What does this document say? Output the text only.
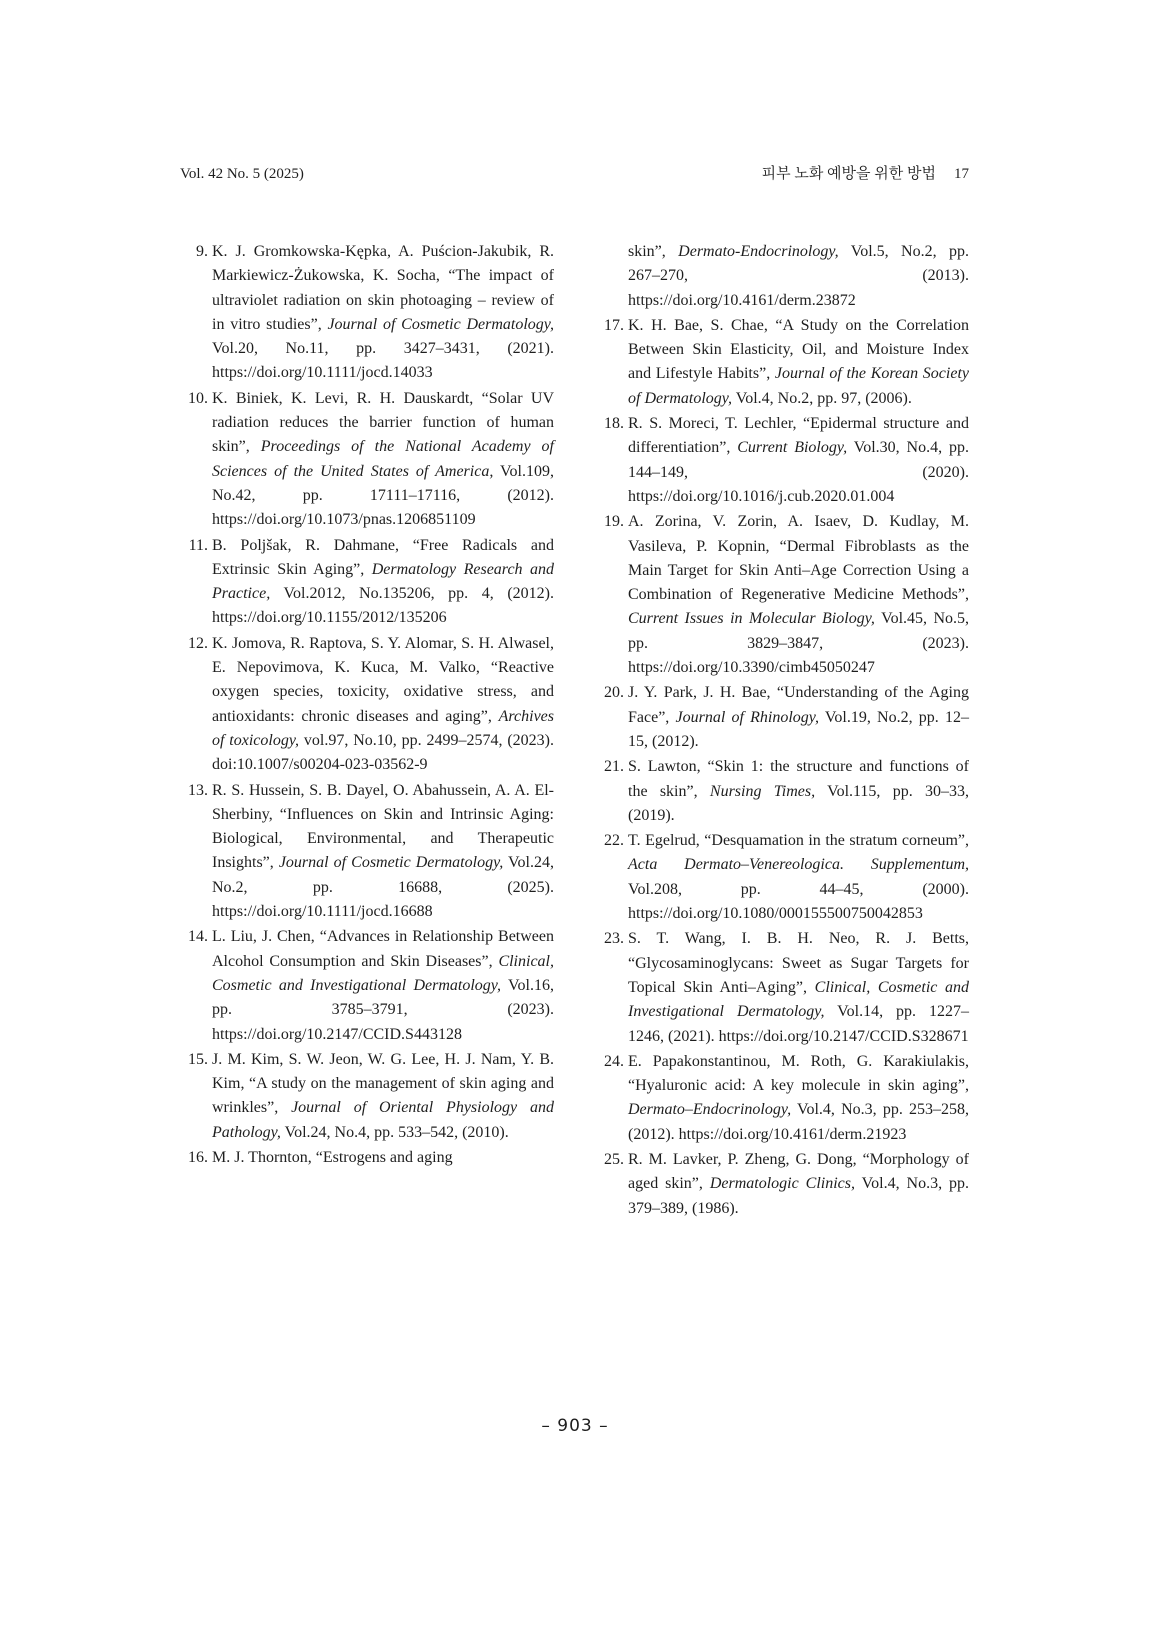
Vol. 42 No. 5 (2025)	피부 노화 예방을 위한 방법 17
9. K. J. Gromkowska-Kępka, A. Puścion-Jakubik, R. Markiewicz-Żukowska, K. Socha, “The impact of ultraviolet radiation on skin photoaging – review of in vitro studies”, Journal of Cosmetic Dermatology, Vol.20, No.11, pp. 3427–3431, (2021). https://doi.org/10.1111/jocd.14033
10. K. Biniek, K. Levi, R. H. Dauskardt, “Solar UV radiation reduces the barrier function of human skin”, Proceedings of the National Academy of Sciences of the United States of America, Vol.109, No.42, pp. 17111–17116, (2012). https://doi.org/10.1073/pnas.1206851109
11. B. Poljšak, R. Dahmane, “Free Radicals and Extrinsic Skin Aging”, Dermatology Research and Practice, Vol.2012, No.135206, pp. 4, (2012). https://doi.org/10.1155/2012/135206
12. K. Jomova, R. Raptova, S. Y. Alomar, S. H. Alwasel, E. Nepovimova, K. Kuca, M. Valko, “Reactive oxygen species, toxicity, oxidative stress, and antioxidants: chronic diseases and aging”, Archives of toxicology, vol.97, No.10, pp. 2499–2574, (2023). doi:10.1007/s00204-023-03562-9
13. R. S. Hussein, S. B. Dayel, O. Abahussein, A. A. El-Sherbiny, “Influences on Skin and Intrinsic Aging: Biological, Environmental, and Therapeutic Insights”, Journal of Cosmetic Dermatology, Vol.24, No.2, pp. 16688, (2025). https://doi.org/10.1111/jocd.16688
14. L. Liu, J. Chen, “Advances in Relationship Between Alcohol Consumption and Skin Diseases”, Clinical, Cosmetic and Investigational Dermatology, Vol.16, pp. 3785–3791, (2023). https://doi.org/10.2147/CCID.S443128
15. J. M. Kim, S. W. Jeon, W. G. Lee, H. J. Nam, Y. B. Kim, “A study on the management of skin aging and wrinkles”, Journal of Oriental Physiology and Pathology, Vol.24, No.4, pp. 533–542, (2010).
16. M. J. Thornton, “Estrogens and aging
skin”, Dermato-Endocrinology, Vol.5, No.2, pp. 267–270, (2013). https://doi.org/10.4161/derm.23872
17. K. H. Bae, S. Chae, “A Study on the Correlation Between Skin Elasticity, Oil, and Moisture Index and Lifestyle Habits”, Journal of the Korean Society of Dermatology, Vol.4, No.2, pp. 97, (2006).
18. R. S. Moreci, T. Lechler, “Epidermal structure and differentiation”, Current Biology, Vol.30, No.4, pp. 144–149, (2020). https://doi.org/10.1016/j.cub.2020.01.004
19. A. Zorina, V. Zorin, A. Isaev, D. Kudlay, M. Vasileva, P. Kopnin, “Dermal Fibroblasts as the Main Target for Skin Anti–Age Correction Using a Combination of Regenerative Medicine Methods”, Current Issues in Molecular Biology, Vol.45, No.5, pp. 3829–3847, (2023). https://doi.org/10.3390/cimb45050247
20. J. Y. Park, J. H. Bae, “Understanding of the Aging Face”, Journal of Rhinology, Vol.19, No.2, pp. 12–15, (2012).
21. S. Lawton, “Skin 1: the structure and functions of the skin”, Nursing Times, Vol.115, pp. 30–33, (2019).
22. T. Egelrud, “Desquamation in the stratum corneum”, Acta Dermato–Venereologica. Supplementum, Vol.208, pp. 44–45, (2000). https://doi.org/10.1080/000155500750042853
23. S. T. Wang, I. B. H. Neo, R. J. Betts, “Glycosaminoglycans: Sweet as Sugar Targets for Topical Skin Anti–Aging”, Clinical, Cosmetic and Investigational Dermatology, Vol.14, pp. 1227–1246, (2021). https://doi.org/10.2147/CCID.S328671
24. E. Papakonstantinou, M. Roth, G. Karakiulakis, “Hyaluronic acid: A key molecule in skin aging”, Dermato–Endocrinology, Vol.4, No.3, pp. 253–258, (2012). https://doi.org/10.4161/derm.21923
25. R. M. Lavker, P. Zheng, G. Dong, “Morphology of aged skin”, Dermatologic Clinics, Vol.4, No.3, pp. 379–389, (1986).
– 903 –
